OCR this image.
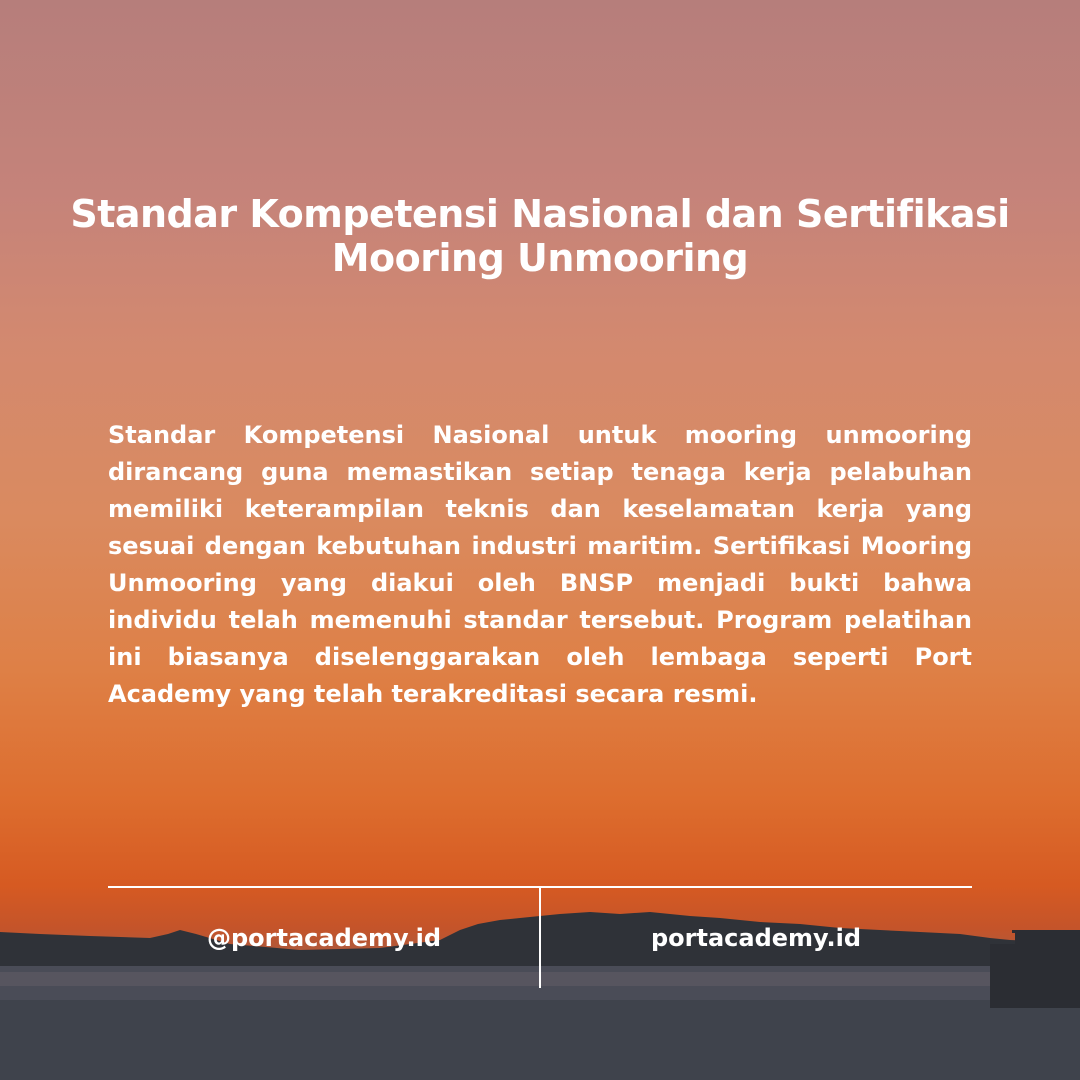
Standar Kompetensi Nasional dan Sertifikasi Mooring Unmooring

Standar Kompetensi Nasional untuk mooring unmooring dirancang guna memastikan setiap tenaga kerja pelabuhan memiliki keterampilan teknis dan keselamatan kerja yang sesuai dengan kebutuhan industri maritim. Sertifikasi Mooring Unmooring yang diakui oleh BNSP menjadi bukti bahwa individu telah memenuhi standar tersebut. Program pelatihan ini biasanya diselenggarakan oleh lembaga seperti Port Academy yang telah terakreditasi secara resmi.

@portacademy.id	portacademy.id
